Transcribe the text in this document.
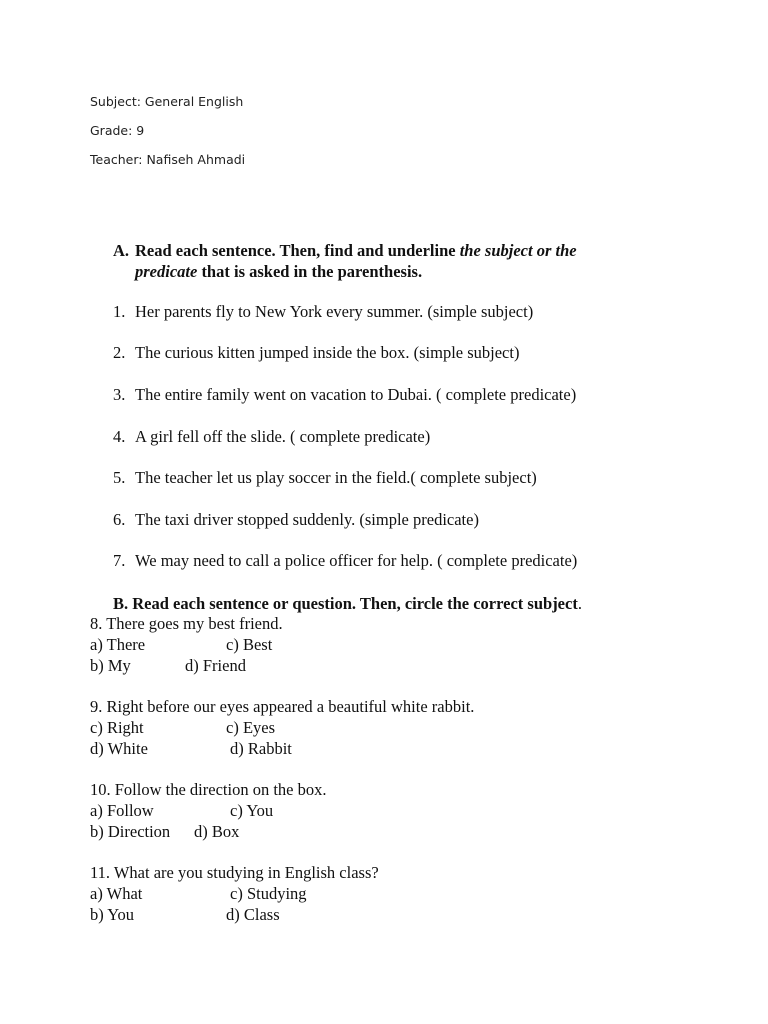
Subject: General English
Grade: 9
Teacher: Nafiseh Ahmadi
A. Read each sentence. Then, find and underline the subject or the
predicate that is asked in the parenthesis.
1. Her parents fly to New York every summer. (simple subject)
2. The curious kitten jumped inside the box. (simple subject)
3. The entire family went on vacation to Dubai. ( complete predicate)
4. A girl fell off the slide. ( complete predicate)
5. The teacher let us play soccer in the field.( complete subject)
6. The taxi driver stopped suddenly. (simple predicate)
7. We may need to call a police officer for help. ( complete predicate)
B. Read each sentence or question. Then, circle the correct subject.
8. There goes my best friend.
a) There	c) Best
b) My	d) Friend
9. Right before our eyes appeared a beautiful white rabbit.
c) Right	c) Eyes
d) White	d) Rabbit
10. Follow the direction on the box.
a) Follow	c) You
b) Direction d) Box
11. What are you studying in English class?
a) What	c) Studying
b) You	d) Class
